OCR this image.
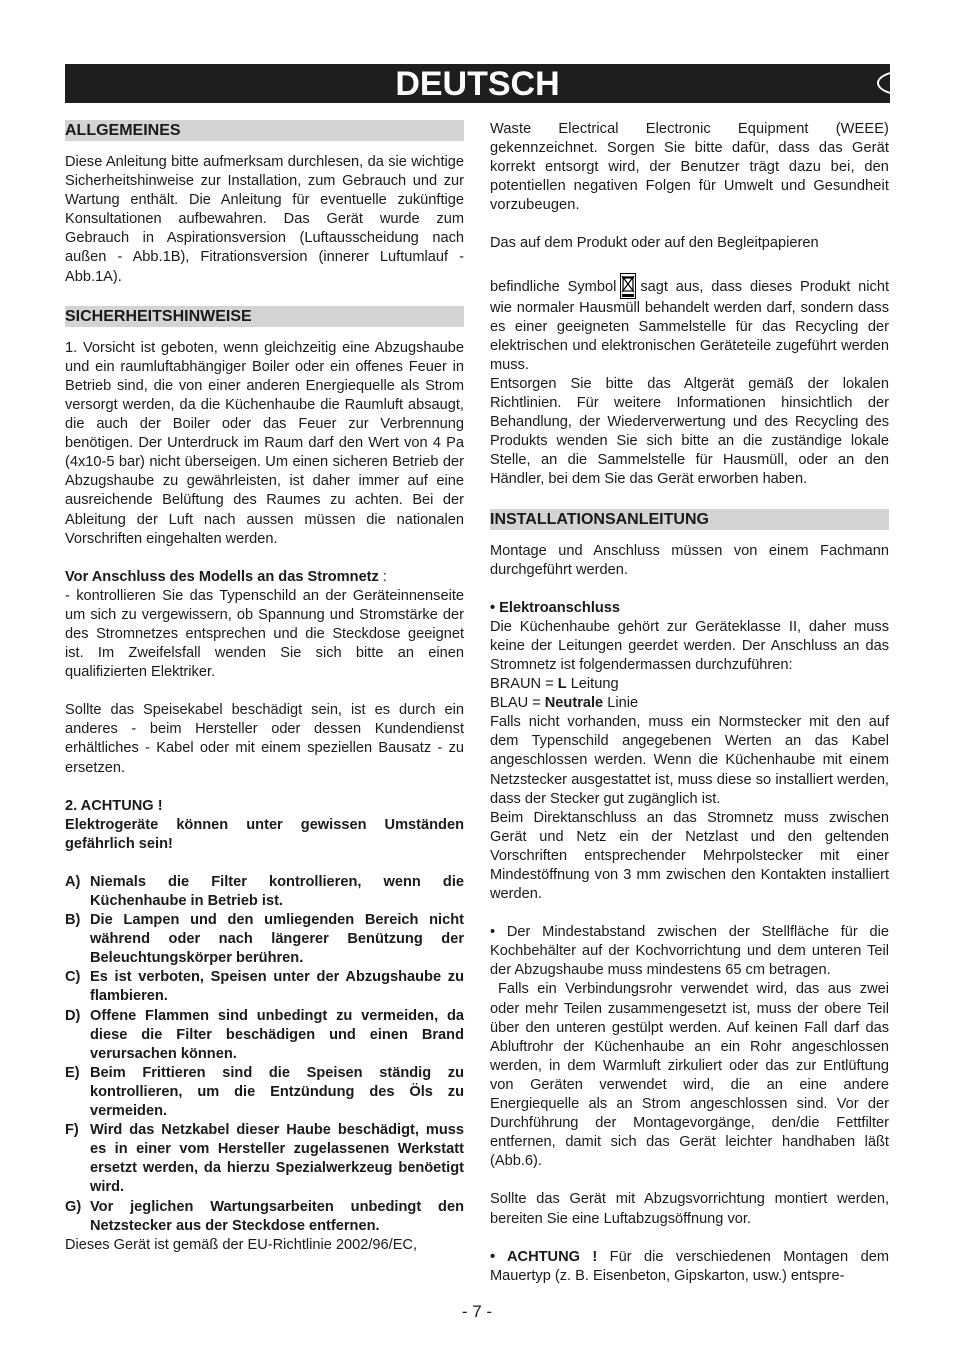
DEUTSCH	D
ALLGEMEINES

Diese Anleitung bitte aufmerksam durchlesen, da sie wichtige Sicherheitshinweise zur Installation, zum Gebrauch und zur Wartung enthält. Die Anleitung für eventuelle zukünftige Konsultationen aufbewahren. Das Gerät wurde zum Gebrauch in Aspirationsversion (Luftausscheidung nach außen - Abb.1B), Fitrationsversion (innerer Luftumlauf - Abb.1A).

SICHERHEITSHINWEISE

1. Vorsicht ist geboten, wenn gleichzeitig eine Abzugshaube und ein raumluftabhängiger Boiler oder ein offenes Feuer in Betrieb sind, die von einer anderen Energiequelle als Strom versorgt werden, da die Küchenhaube die Raumluft absaugt, die auch der Boiler oder das Feuer zur Verbrennung benötigen. Der Unterdruck im Raum darf den Wert von 4 Pa (4x10-5 bar) nicht überseigen. Um einen sicheren Betrieb der Abzugshaube zu gewährleisten, ist daher immer auf eine ausreichende Belüftung des Raumes zu achten. Bei der Ableitung der Luft nach aussen müssen die nationalen Vorschriften eingehalten werden.

Vor Anschluss des Modells an das Stromnetz :

- kontrollieren Sie das Typenschild an der Geräteinnenseite um sich zu vergewissern, ob Spannung und Stromstärke der des Stromnetzes entsprechen und die Steckdose geeignet ist. Im Zweifelsfall wenden Sie sich bitte an einen qualifizierten Elektriker.

Sollte das Speisekabel beschädigt sein, ist es durch ein anderes - beim Hersteller oder dessen Kundendienst erhältliches - Kabel oder mit einem speziellen Bausatz - zu ersetzen.

2. ACHTUNG !

Elektrogeräte können unter gewissen Umständen gefährlich sein!

A) Niemals die Filter kontrollieren, wenn die Küchenhaube in Betrieb ist.
B) Die Lampen und den umliegenden Bereich nicht während oder nach längerer Benützung der Beleuchtungskörper berühren.
C) Es ist verboten, Speisen unter der Abzugshaube zu flambieren.
D) Offene Flammen sind unbedingt zu vermeiden, da diese die Filter beschädigen und einen Brand verursachen können.
E) Beim Frittieren sind die Speisen ständig zu kontrollieren, um die Entzündung des Öls zu vermeiden.
F) Wird das Netzkabel dieser Haube beschädigt, muss es in einer vom Hersteller zugelassenen Werkstatt ersetzt werden, da hierzu Spezialwerkzeug benöetigt wird.
G) Vor jeglichen Wartungsarbeiten unbedingt den Netzstecker aus der Steckdose entfernen.

Dieses Gerät ist gemäß der EU-Richtlinie 2002/96/EC,

Waste Electrical Electronic Equipment (WEEE) gekennzeichnet. Sorgen Sie bitte dafür, dass das Gerät korrekt entsorgt wird, der Benutzer trägt dazu bei, den potentiellen negativen Folgen für Umwelt und Gesundheit vorzubeugen.

Das auf dem Produkt oder auf den Begleitpapieren

befindliche Symbol sagt aus, dass dieses Produkt nicht wie normaler Hausmüll behandelt werden darf, sondern dass es einer geeigneten Sammelstelle für das Recycling der elektrischen und elektronischen Geräteteile zugeführt werden muss.

Entsorgen Sie bitte das Altgerät gemäß der lokalen Richtlinien. Für weitere Informationen hinsichtlich der Behandlung, der Wiederverwertung und des Recycling des Produkts wenden Sie sich bitte an die zuständige lokale Stelle, an die Sammelstelle für Hausmüll, oder an den Händler, bei dem Sie das Gerät erworben haben.

INSTALLATIONSANLEITUNG

Montage und Anschluss müssen von einem Fachmann durchgeführt werden.

• Elektroanschluss

Die Küchenhaube gehört zur Geräteklasse II, daher muss keine der Leitungen geerdet werden. Der Anschluss an das Stromnetz ist folgendermassen durchzuführen:

BRAUN = L Leitung

BLAU = Neutrale Linie

Falls nicht vorhanden, muss ein Normstecker mit den auf dem Typenschild angegebenen Werten an das Kabel angeschlossen werden. Wenn die Küchenhaube mit einem Netzstecker ausgestattet ist, muss diese so installiert werden, dass der Stecker gut zugänglich ist.

Beim Direktanschluss an das Stromnetz muss zwischen Gerät und Netz ein der Netzlast und den geltenden Vorschriften entsprechender Mehrpolstecker mit einer Mindestöffnung von 3 mm zwischen den Kontakten installiert werden.

• Der Mindestabstand zwischen der Stellfläche für die Kochbehälter auf der Kochvorrichtung und dem unteren Teil der Abzugshaube muss mindestens 65 cm betragen.

Falls ein Verbindungsrohr verwendet wird, das aus zwei oder mehr Teilen zusammengesetzt ist, muss der obere Teil über den unteren gestülpt werden. Auf keinen Fall darf das Abluftrohr der Küchenhaube an ein Rohr angeschlossen werden, in dem Warmluft zirkuliert oder das zur Entlüftung von Geräten verwendet wird, die an eine andere Energiequelle als an Strom angeschlossen sind. Vor der Durchführung der Montagevorgänge, den/die Fettfilter entfernen, damit sich das Gerät leichter handhaben läßt (Abb.6).

Sollte das Gerät mit Abzugsvorrichtung montiert werden, bereiten Sie eine Luftabzugsöffnung vor.

• ACHTUNG ! Für die verschiedenen Montagen dem Mauertyp (z. B. Eisenbeton, Gipskarton, usw.) entspre-

- 7 -
